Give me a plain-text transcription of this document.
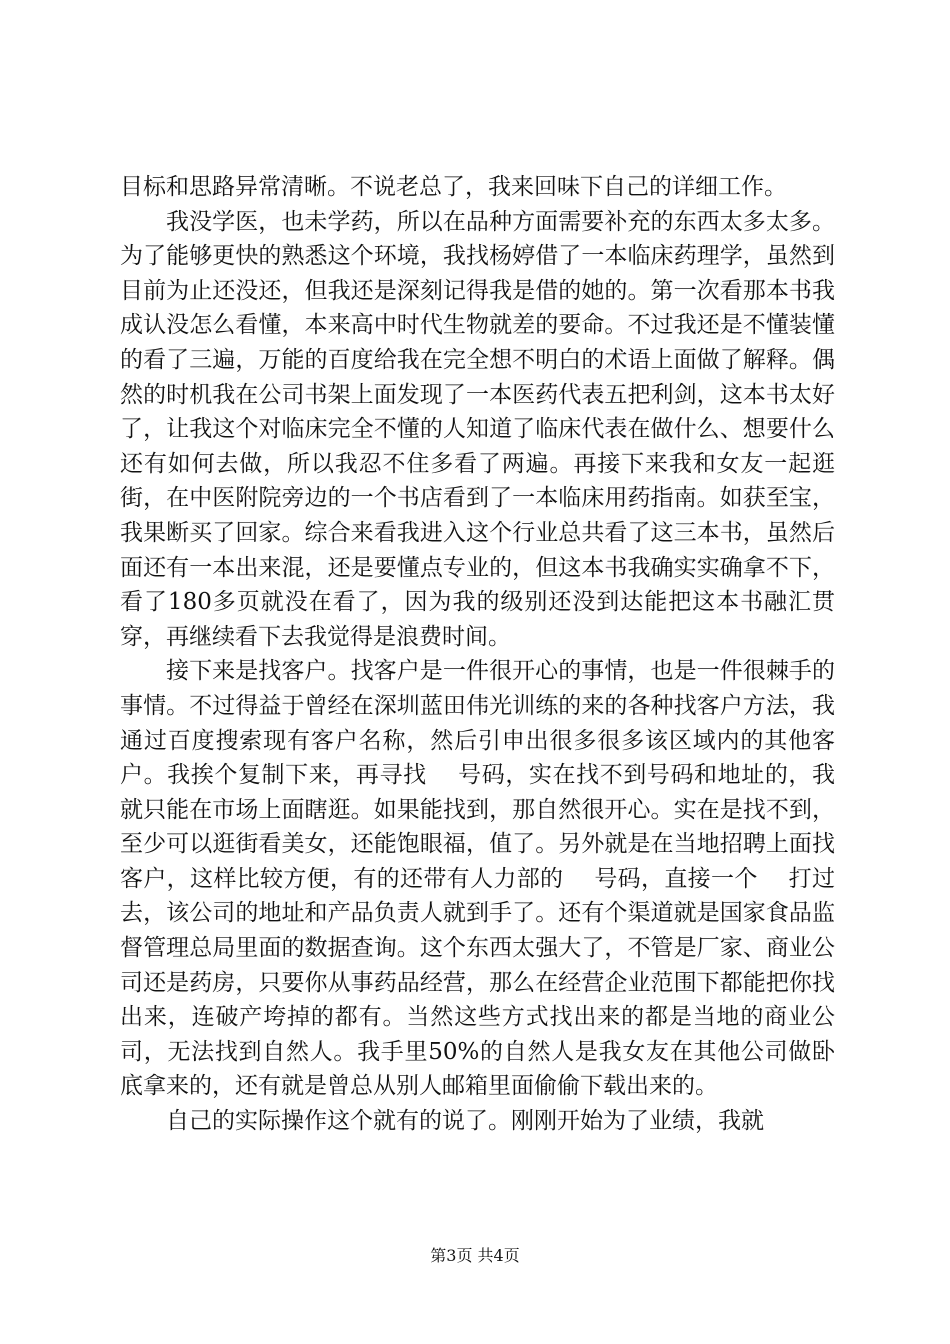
目标和思路异常清晰。不说老总了，我来回味下自己的详细工作。

我没学医，也未学药，所以在品种方面需要补充的东西太多太多。为了能够更快的熟悉这个环境，我找杨婷借了一本临床药理学，虽然到目前为止还没还，但我还是深刻记得我是借的她的。第一次看那本书我成认没怎么看懂，本来高中时代生物就差的要命。不过我还是不懂装懂的看了三遍，万能的百度给我在完全想不明白的术语上面做了解释。偶然的时机我在公司书架上面发现了一本医药代表五把利剑，这本书太好了，让我这个对临床完全不懂的人知道了临床代表在做什么、想要什么还有如何去做，所以我忍不住多看了两遍。再接下来我和女友一起逛街，在中医附院旁边的一个书店看到了一本临床用药指南。如获至宝，我果断买了回家。综合来看我进入这个行业总共看了这三本书，虽然后面还有一本出来混，还是要懂点专业的，但这本书我确实实确拿不下，看了180多页就没在看了，因为我的级别还没到达能把这本书融汇贯穿，再继续看下去我觉得是浪费时间。

接下来是找客户。找客户是一件很开心的事情，也是一件很棘手的事情。不过得益于曾经在深圳蓝田伟光训练的来的各种找客户方法，我通过百度搜索现有客户名称，然后引申出很多很多该区域内的其他客户。我挨个复制下来，再寻找　 号码，实在找不到号码和地址的，我就只能在市场上面瞎逛。如果能找到，那自然很开心。实在是找不到，至少可以逛街看美女，还能饱眼福，值了。另外就是在当地招聘上面找客户，这样比较方便，有的还带有人力部的　 号码，直接一个　 打过去，该公司的地址和产品负责人就到手了。还有个渠道就是国家食品监督管理总局里面的数据查询。这个东西太强大了，不管是厂家、商业公司还是药房，只要你从事药品经营，那么在经营企业范围下都能把你找出来，连破产垮掉的都有。当然这些方式找出来的都是当地的商业公司，无法找到自然人。我手里50%的自然人是我女友在其他公司做卧底拿来的，还有就是曾总从别人邮箱里面偷偷下载出来的。

自己的实际操作这个就有的说了。刚刚开始为了业绩，我就

第3页 共4页
